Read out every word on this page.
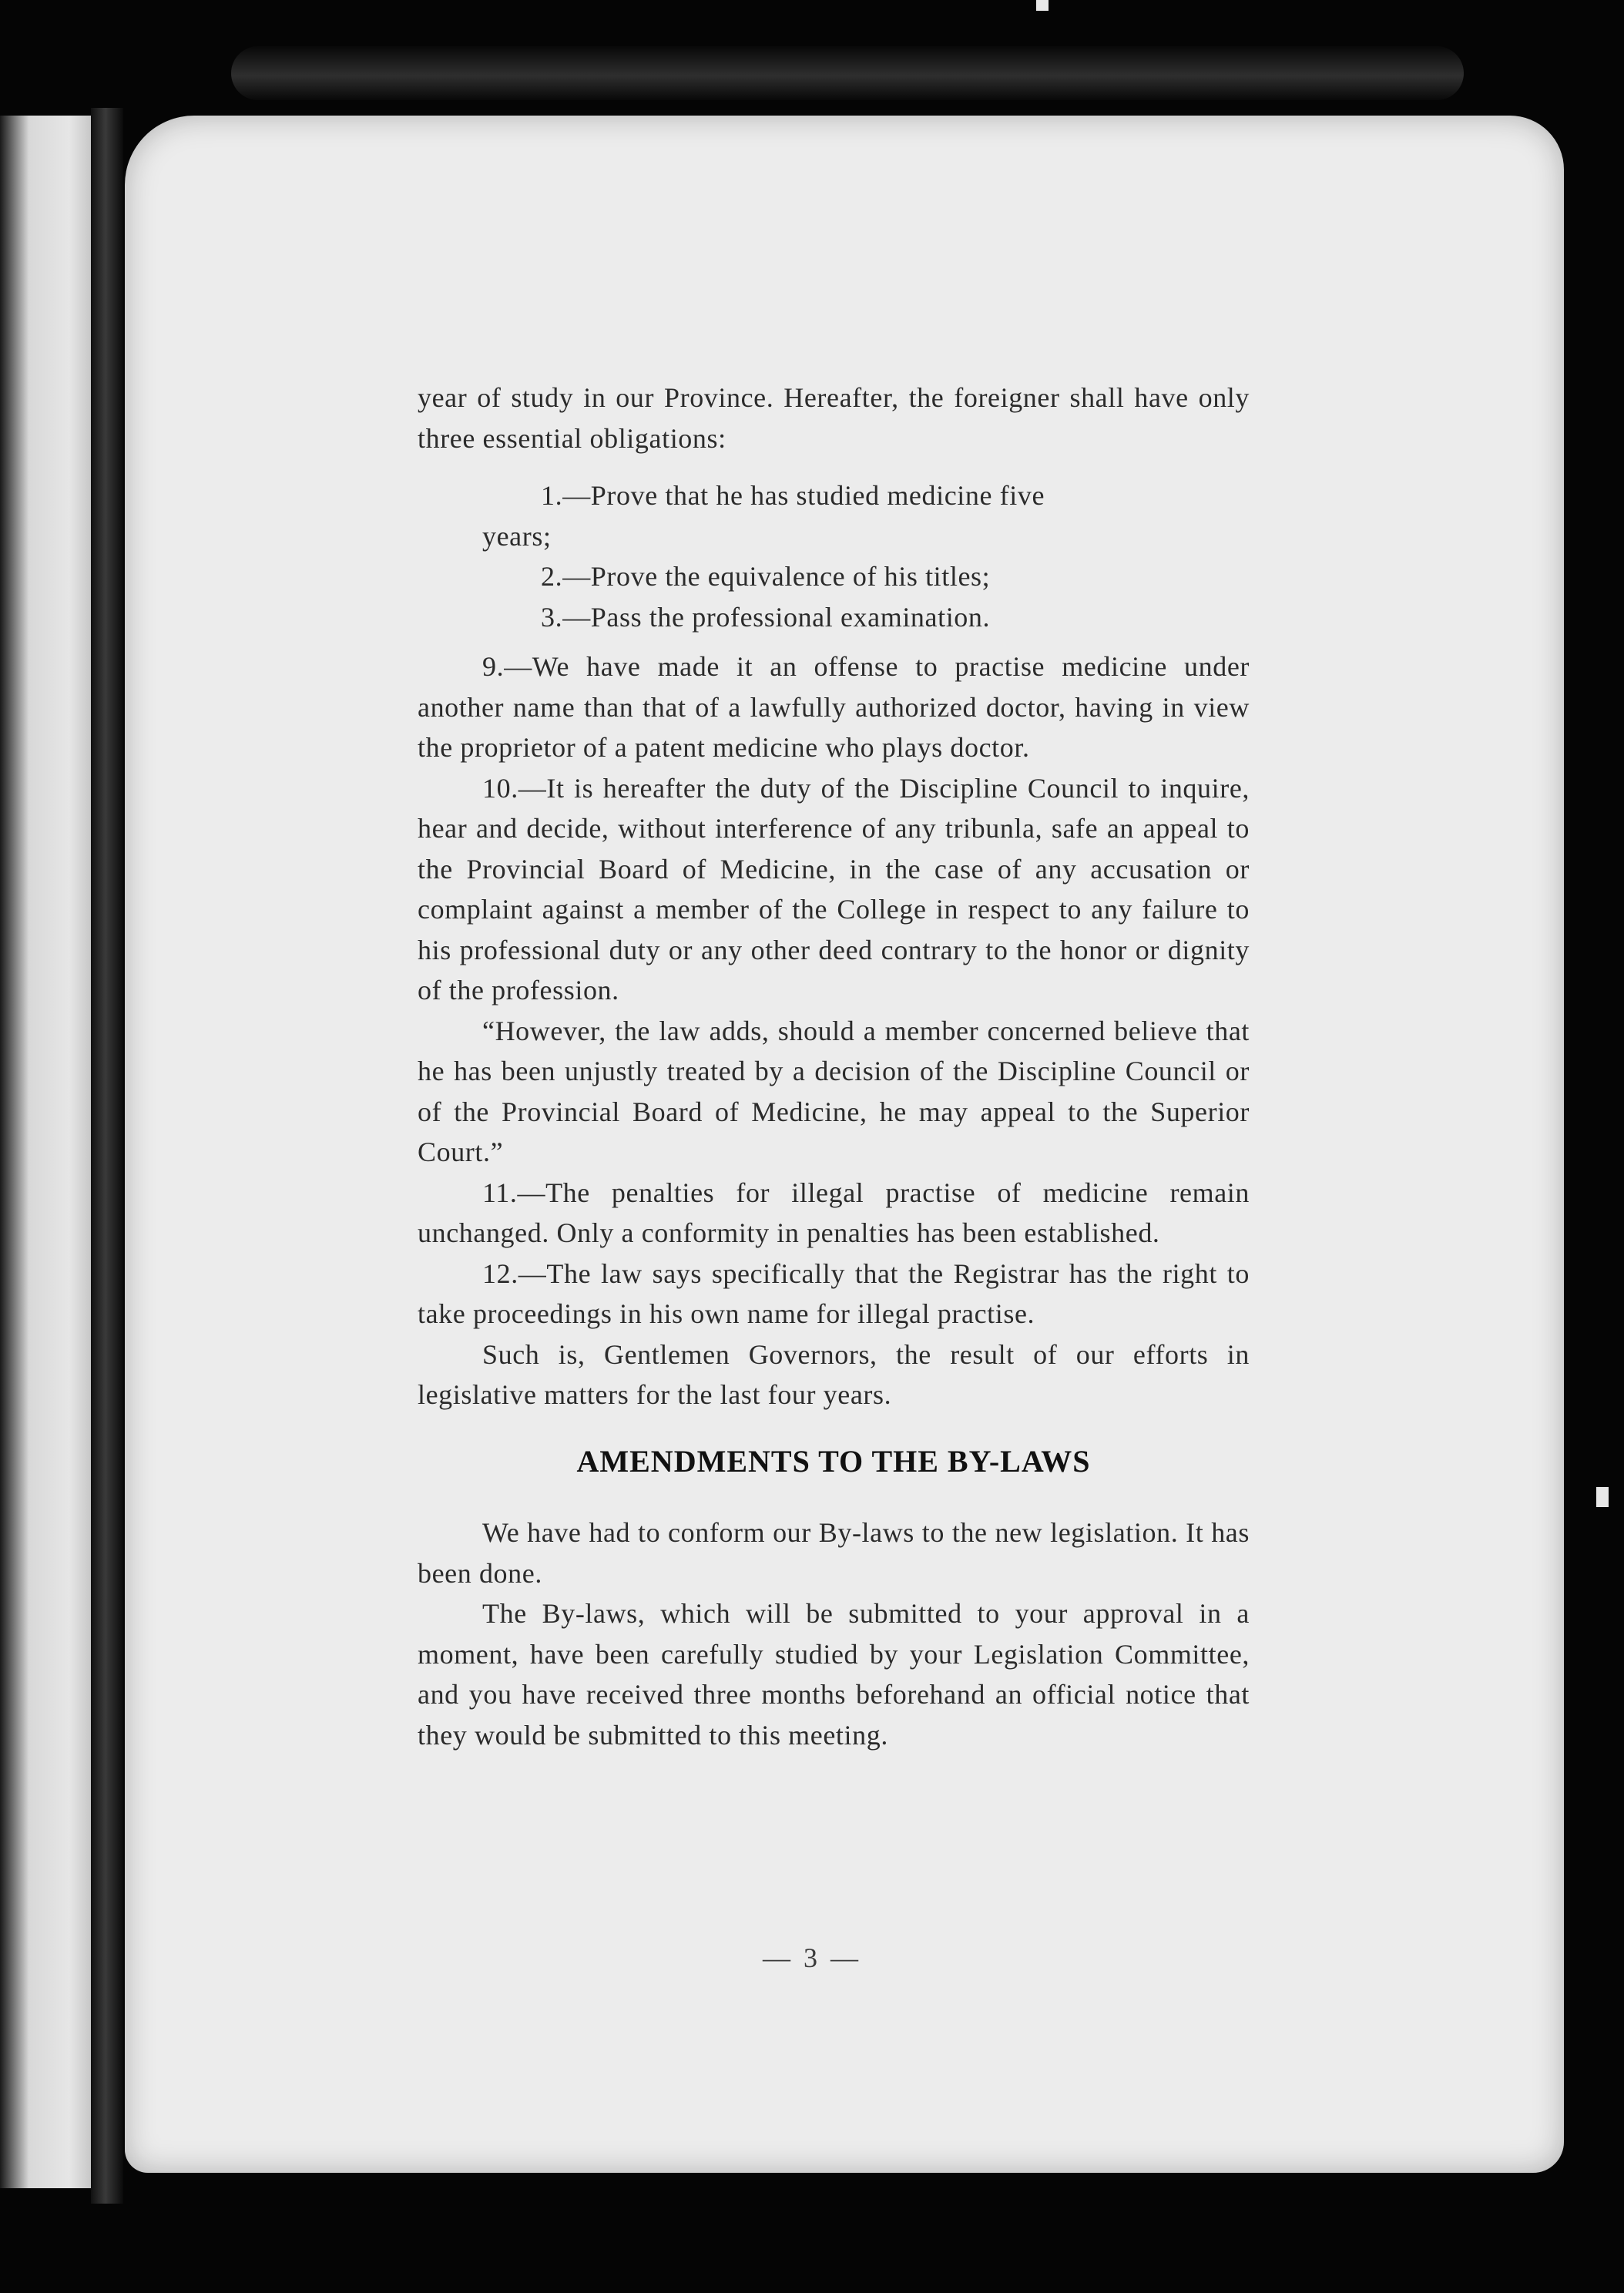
year of study in our Province. Hereafter, the foreigner shall have only three essential obligations:

1.—Prove that he has studied medicine five

years;

2.—Prove the equivalence of his titles;

3.—Pass the professional examination.

9.—We have made it an offense to practise medicine under another name than that of a lawfully authorized doctor, having in view the proprietor of a patent medicine who plays doctor.

10.—It is hereafter the duty of the Discipline Council to inquire, hear and decide, without interference of any tribunla, safe an appeal to the Provincial Board of Medicine, in the case of any accusation or complaint against a member of the College in respect to any failure to his professional duty or any other deed contrary to the honor or dignity of the profession.

“However, the law adds, should a member concerned believe that he has been unjustly treated by a decision of the Discipline Council or of the Provincial Board of Medicine, he may appeal to the Superior Court.”

11.—The penalties for illegal practise of medicine remain unchanged. Only a conformity in penalties has been established.

12.—The law says specifically that the Registrar has the right to take proceedings in his own name for illegal practise.

Such is, Gentlemen Governors, the result of our efforts in legislative matters for the last four years.

AMENDMENTS TO THE BY-LAWS

We have had to conform our By-laws to the new legislation. It has been done.

The By-laws, which will be submitted to your approval in a moment, have been carefully studied by your Legislation Committee, and you have received three months beforehand an official notice that they would be submitted to this meeting.

— 3 —
